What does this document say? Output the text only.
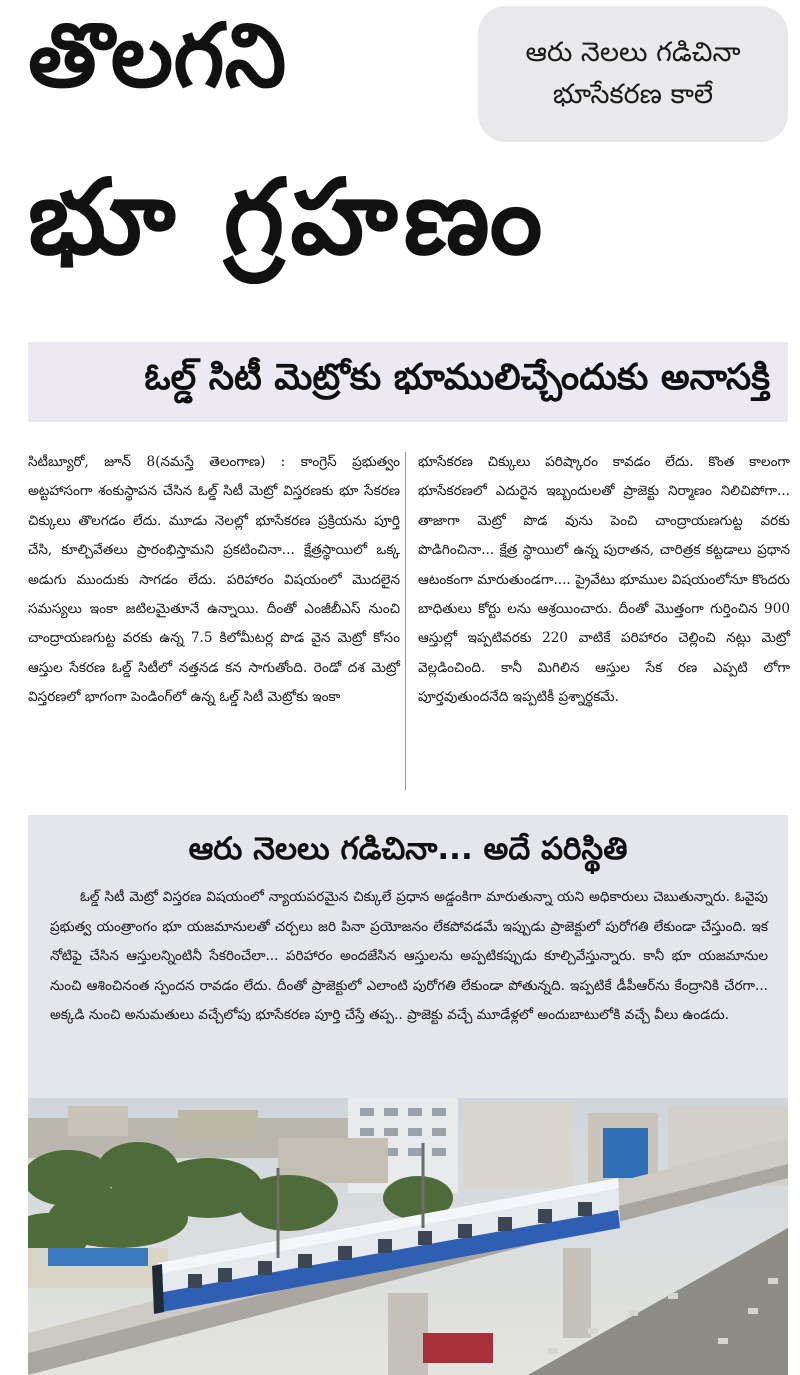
తొలగని
భూ గ్రహణం
ఆరు నెలలు గడిచినా
భూసేకరణ కాలే
ఓల్డ్‌ సిటీ మెట్రోకు భూములిచ్చేందుకు అనాసక్తి

సిటీబ్యూరో, జూన్‌ 8(నమస్తే తెలంగాణ) : కాంగ్రెస్‌ ప్రభుత్వం అట్టహాసంగా శంకుస్థాపన చేసిన ఓల్డ్‌ సిటీ మెట్రో విస్తరణకు భూ సేకరణ చిక్కులు తొలగడం లేదు. మూడు నెలల్లో భూసేకరణ ప్రక్రియను పూర్తి చేసి, కూల్చివేతలు ప్రారంభిస్తామని ప్రకటించినా... క్షేత్రస్థాయిలో ఒక్క అడుగు ముందుకు సాగడం లేదు. పరిహారం విషయంలో మొదలైన సమస్యలు ఇంకా జటిలమైతూనే ఉన్నాయి. దీంతో ఎంజీబీఎస్‌ నుంచి చాంద్రాయణగుట్ట వరకు ఉన్న 7.5 కిలోమీటర్ల పొడ వైన మెట్రో కోసం ఆస్తుల సేకరణ ఓల్డ్‌ సిటీలో నత్తనడ కన సాగుతోంది. రెండో దశ మెట్రో విస్తరణలో భాగంగా పెండింగ్‌లో ఉన్న ఓల్డ్‌ సిటీ మెట్రోకు ఇంకా

భూసేకరణ చిక్కులు పరిష్కారం కావడం లేదు. కొంత కాలంగా భూసేకరణలో ఎదురైన ఇబ్బందులతో ప్రాజెక్టు నిర్మాణం నిలిచిపోగా... తాజాగా మెట్రో పొడ వును పెంచి చాంద్రాయణగుట్ట వరకు పొడిగించినా... క్షేత్ర స్థాయిలో ఉన్న పురాతన, చారిత్రక కట్టడాలు ప్రధాన ఆటంకంగా మారుతుండగా.... ప్రైవేటు భూముల విషయంలోనూ కొందరు బాధితులు కోర్టు లను ఆశ్రయించారు. దీంతో మొత్తంగా గుర్తించిన 900 ఆస్తుల్లో ఇప్పటివరకు 220 వాటికే పరిహారం చెల్లించి నట్లు మెట్రో వెల్లడించింది. కానీ మిగిలిన ఆస్తుల సేక రణ ఎప్పటి లోగా పూర్తవుతుందనేది ఇప్పటికీ ప్రశ్నార్థకమే.

ఆరు నెలలు గడిచినా... అదే పరిస్థితి

ఓల్డ్‌ సిటీ మెట్రో విస్తరణ విషయంలో న్యాయపరమైన చిక్కులే ప్రధాన అడ్డంకిగా మారుతున్నా యని అధికారులు చెబుతున్నారు. ఓవైపు ప్రభుత్వ యంత్రాంగం భూ యజమానులతో చర్చలు జరి పినా ప్రయోజనం లేకపోవడమే ఇప్పుడు ప్రాజెక్టులో పురోగతి లేకుండా చేస్తుంది. ఇక నోటిఫై చేసిన ఆస్తులన్నింటినీ సేకరించేలా... పరిహారం అందజేసిన ఆస్తులను అప్పటికప్పుడు కూల్చివేస్తున్నారు. కానీ భూ యజమానుల నుంచి ఆశించినంత స్పందన రావడం లేదు. దీంతో ప్రాజెక్టులో ఎలాంటి పురోగతి లేకుండా పోతున్నది. ఇప్పటికే డీపీఆర్‌ను కేంద్రానికి చేరగా... అక్కడి నుంచి అనుమతులు వచ్చేలోపు భూసేకరణ పూర్తి చేస్తే తప్ప.. ప్రాజెక్టు వచ్చే మూడేళ్లలో అందుబాటులోకి వచ్చే వీలు ఉండదు.
